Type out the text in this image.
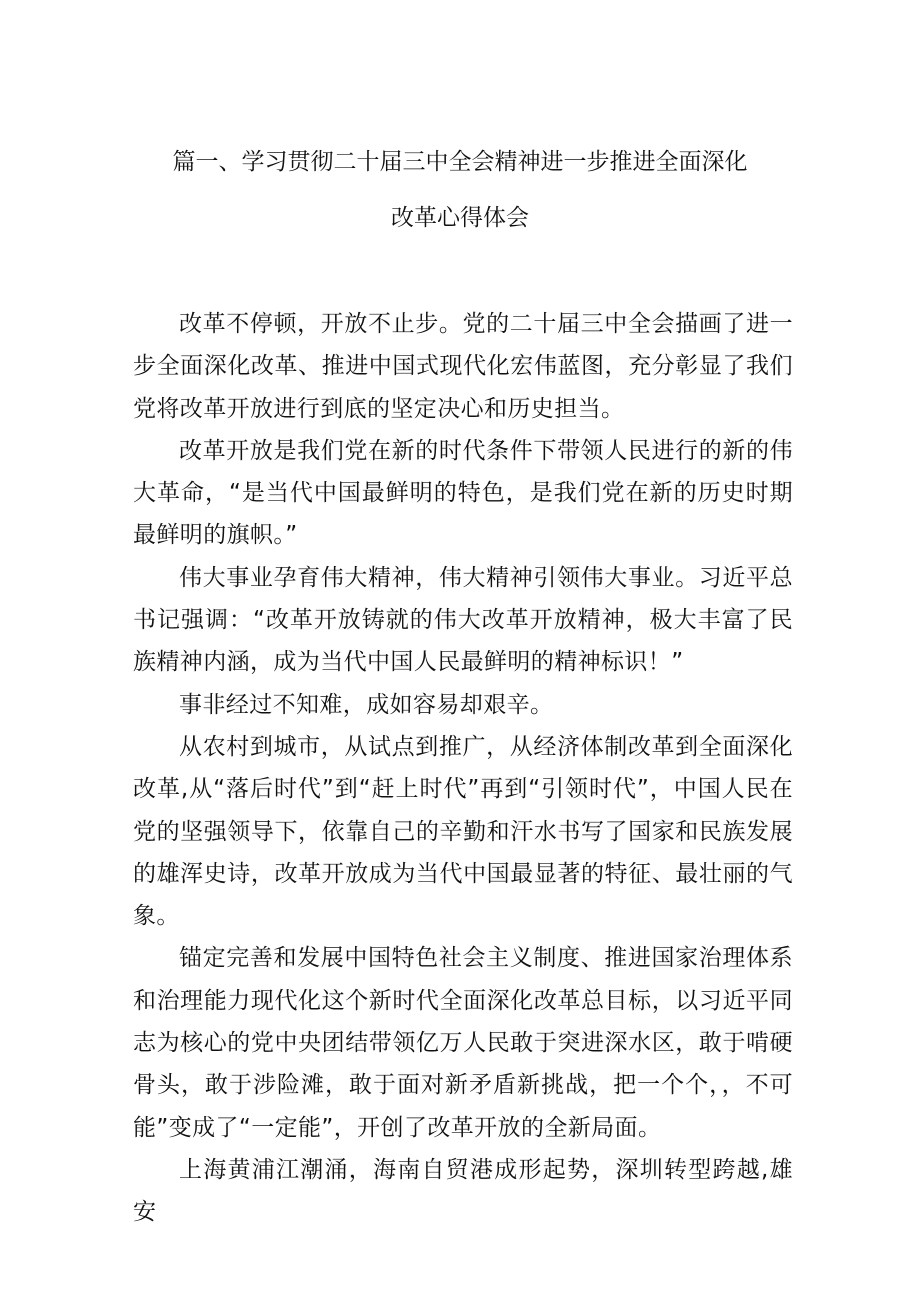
篇一、学习贯彻二十届三中全会精神进一步推进全面深化
改革心得体会

改革不停顿，开放不止步。党的二十届三中全会描画了进一步全面深化改革、推进中国式现代化宏伟蓝图，充分彰显了我们党将改革开放进行到底的坚定决心和历史担当。

改革开放是我们党在新的时代条件下带领人民进行的新的伟大革命，“是当代中国最鲜明的特色，是我们党在新的历史时期最鲜明的旗帜。”

伟大事业孕育伟大精神，伟大精神引领伟大事业。习近平总书记强调：“改革开放铸就的伟大改革开放精神，极大丰富了民族精神内涵，成为当代中国人民最鲜明的精神标识！”

事非经过不知难，成如容易却艰辛。

从农村到城市，从试点到推广，从经济体制改革到全面深化改革,从“落后时代”到“赶上时代”再到“引领时代”，中国人民在党的坚强领导下，依靠自己的辛勤和汗水书写了国家和民族发展的雄浑史诗，改革开放成为当代中国最显著的特征、最壮丽的气象。

锚定完善和发展中国特色社会主义制度、推进国家治理体系和治理能力现代化这个新时代全面深化改革总目标，以习近平同志为核心的党中央团结带领亿万人民敢于突进深水区，敢于啃硬骨头，敢于涉险滩，敢于面对新矛盾新挑战，把一个个，，不可能”变成了“一定能”，开创了改革开放的全新局面。

上海黄浦江潮涌，海南自贸港成形起势，深圳转型跨越,雄安
